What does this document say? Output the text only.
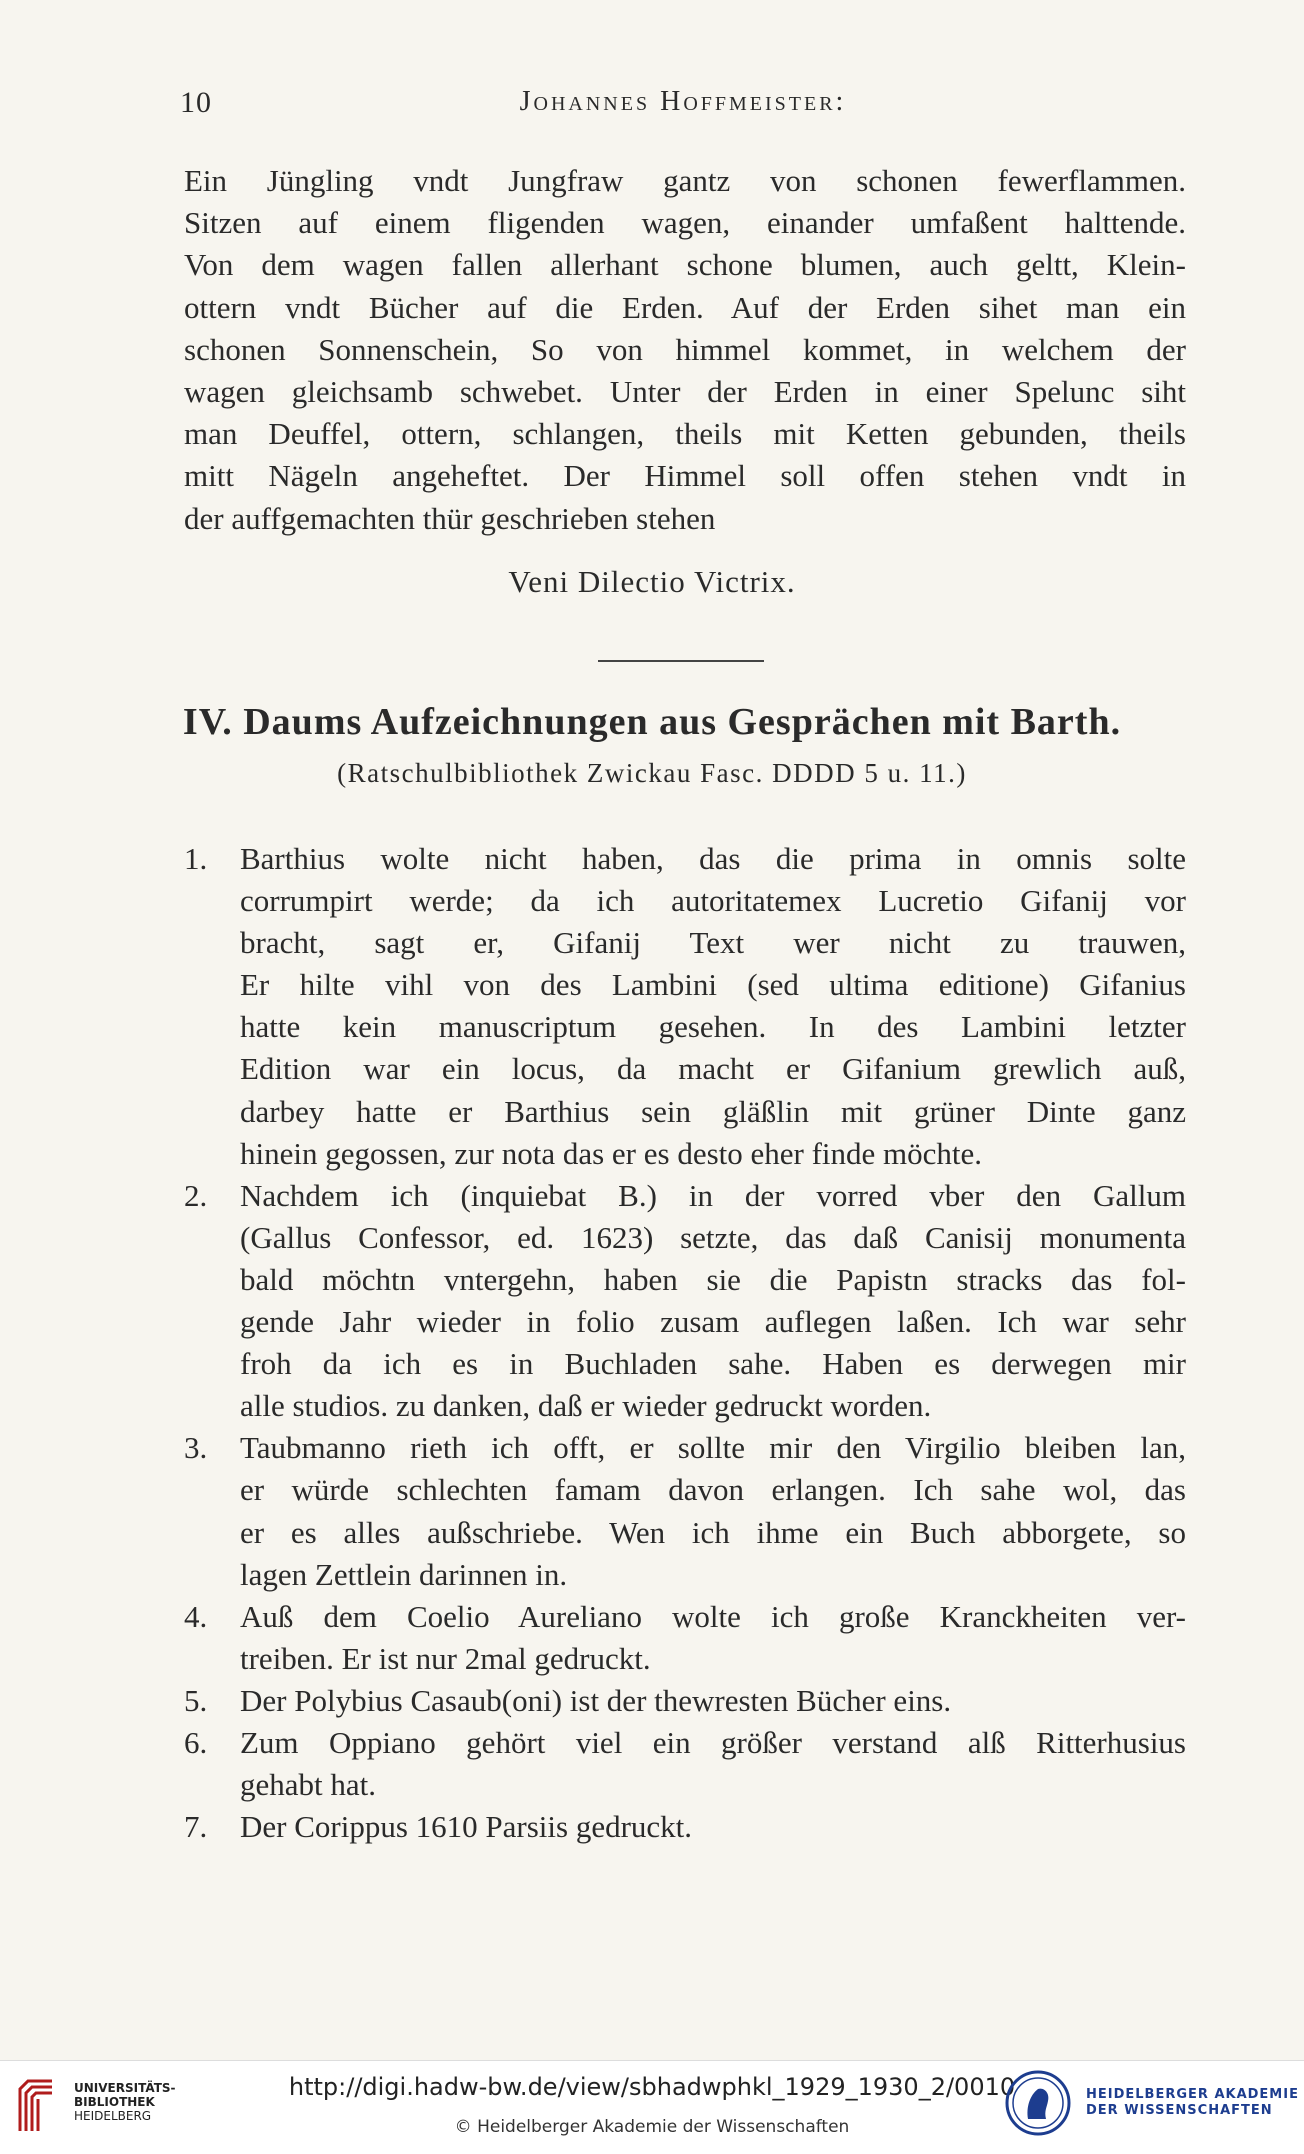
10	Johannes Hoffmeister:
Ein Jüngling vndt Jungfraw gantz von schonen fewerflammen.
Sitzen auf einem fligenden wagen, einander umfaßent halttende.
Von dem wagen fallen allerhant schone blumen, auch geltt, Klein-
ottern vndt Bücher auf die Erden. Auf der Erden sihet man ein
schonen Sonnenschein, So von himmel kommet, in welchem der
wagen gleichsamb schwebet. Unter der Erden in einer Spelunc siht
man Deuffel, ottern, schlangen, theils mit Ketten gebunden, theils
mitt Nägeln angeheftet. Der Himmel soll offen stehen vndt in
der auffgemachten thür geschrieben stehen
Veni Dilectio Victrix.
IV. Daums Aufzeichnungen aus Gesprächen mit Barth.
(Ratschulbibliothek Zwickau Fasc. DDDD 5 u. 11.)
1. Barthius wolte nicht haben, das die prima in omnis solte
corrumpirt werde; da ich autoritatemex Lucretio Gifanij vor
bracht, sagt er, Gifanij Text wer nicht zu trauwen,
Er hilte vihl von des Lambini (sed ultima editione) Gifanius
hatte kein manuscriptum gesehen. In des Lambini letzter
Edition war ein locus, da macht er Gifanium grewlich auß,
darbey hatte er Barthius sein gläßlin mit grüner Dinte ganz
hinein gegossen, zur nota das er es desto eher finde möchte.
2. Nachdem ich (inquiebat B.) in der vorred vber den Gallum
(Gallus Confessor, ed. 1623) setzte, das daß Canisij monumenta
bald möchtn vntergehn, haben sie die Papistn stracks das fol-
gende Jahr wieder in folio zusam auflegen laßen. Ich war sehr
froh da ich es in Buchladen sahe. Haben es derwegen mir
alle studios. zu danken, daß er wieder gedruckt worden.
3. Taubmanno rieth ich offt, er sollte mir den Virgilio bleiben lan,
er würde schlechten famam davon erlangen. Ich sahe wol, das
er es alles außschriebe. Wen ich ihme ein Buch abborgete, so
lagen Zettlein darinnen in.
4. Auß dem Coelio Aureliano wolte ich große Kranckheiten ver-
treiben. Er ist nur 2mal gedruckt.
5. Der Polybius Casaub(oni) ist der thewresten Bücher eins.
6. Zum Oppiano gehört viel ein größer verstand alß Ritterhusius
gehabt hat.
7. Der Corippus 1610 Parsiis gedruckt.
UNIVERSITÄTS-
BIBLIOTHEK
HEIDELBERG
http://digi.hadw-bw.de/view/sbhadwphkl_1929_1930_2/0010
© Heidelberger Akademie der Wissenschaften
HEIDELBERGER AKADEMIE
DER WISSENSCHAFTEN
